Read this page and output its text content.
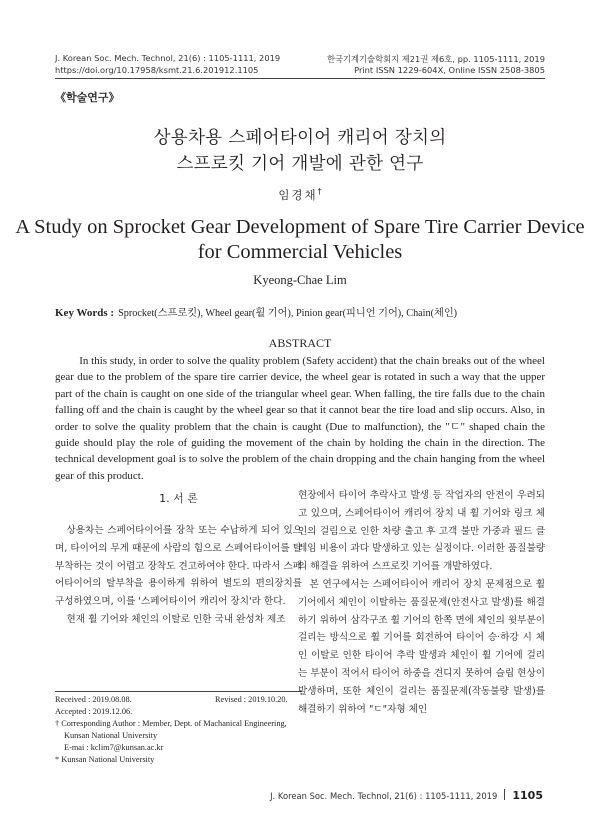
J. Korean Soc. Mech. Technol, 21(6) : 1105-1111, 2019
https://doi.org/10.17958/ksmt.21.6.201912.1105
한국기계기술학회지 제21권 제6호, pp. 1105-1111, 2019
Print ISSN 1229-604X, Online ISSN 2508-3805
《학술연구》
상용차용 스페어타이어 캐리어 장치의
스프로킷 기어 개발에 관한 연구
임경채†
A Study on Sprocket Gear Development of Spare Tire Carrier Device
for Commercial Vehicles
Kyeong-Chae Lim
Key Words : Sprocket(스프로킷), Wheel gear(휠 기어), Pinion gear(피니언 기어), Chain(체인)
ABSTRACT
In this study, in order to solve the quality problem (Safety accident) that the chain breaks out of the wheel gear due to the problem of the spare tire carrier device, the wheel gear is rotated in such a way that the upper part of the chain is caught on one side of the triangular wheel gear. When falling, the tire falls due to the chain falling off and the chain is caught by the wheel gear so that it cannot bear the tire load and slip occurs. Also, in order to solve the quality problem that the chain is caught (Due to malfunction), the "ㄷ" shaped chain the guide should play the role of guiding the movement of the chain by holding the chain in the direction. The technical development goal is to solve the problem of the chain dropping and the chain hanging from the wheel gear of this product.
1. 서 론

상용차는 스페어타이어를 장착 또는 수납하게 되어 있으며, 타이어의 무게 때문에 사람의 힘으로 스페어타이어를 탈부착하는 것이 어렵고 장착도 견고하여야 한다. 따라서 스페어타이어의 탈부착을 용이하게 위하여 별도의 편의장치를 구성하였으며, 이를 '스페어타이어 캐리어 장치'라 한다.

현재 휠 기어와 체인의 이탈로 인한 국내 완성차 제조

Received : 2019.08.08.	Revised : 2019.10.20.
Accepted : 2019.12.06.
† Corresponding Author : Member, Dept. of Machanical Engineering,
Kunsan National University
E-mai : kclim7@kunsan.ac.kr
* Kunsan National University

현장에서 타이어 추락사고 발생 등 작업자의 안전이 우려되고 있으며, 스페어타이어 캐리어 장치 내 휠 기어와 링크 체인의 걸림으로 인한 차량 출고 후 고객 불만 가중과 필드 클레임 비용이 과다 발생하고 있는 실정이다. 이러한 품질불량의 해결을 위하여 스프로킷 기어를 개발하였다.

본 연구에서는 스페어타이어 캐리어 장치 문제점으로 휠 기어에서 체인이 이탈하는 품질문제(안전사고 발생)를 해결하기 위하여 삼각구조 휠 기어의 한쪽 면에 체인의 윗부분이 걸리는 방식으로 휠 기어를 회전하여 타이어 승·하강 시 체인 이탈로 인한 타이어 추락 발생과 체인이 휠 기어에 걸리는 부분이 적어서 타이어 하중을 견디지 못하여 슬립 현상이 발생하며, 또한 체인이 걸리는 품질문제(작동불량 발생)를 해결하기 위하여 "ㄷ"자형 체인

J. Korean Soc. Mech. Technol, 21(6) : 1105-1111, 2019 1105
